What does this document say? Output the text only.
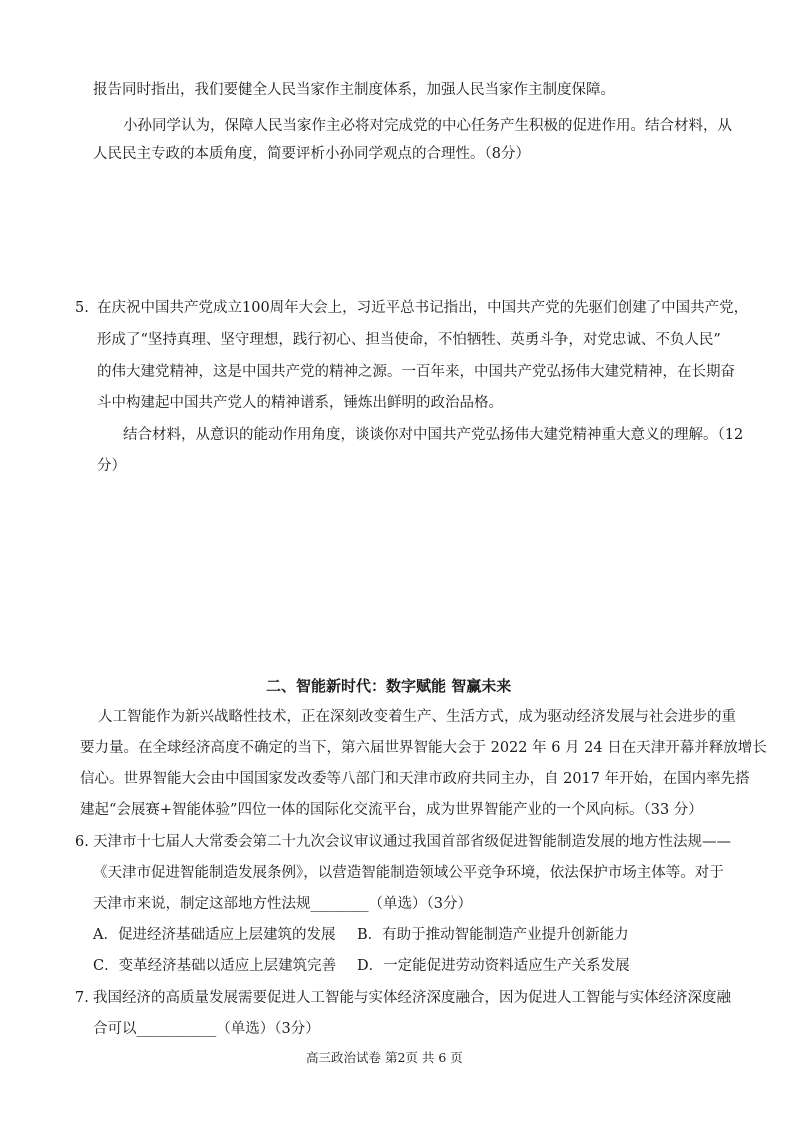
报告同时指出，我们要健全人民当家作主制度体系，加强人民当家作主制度保障。
小孙同学认为，保障人民当家作主必将对完成党的中心任务产生积极的促进作用。结合材料，从
人民民主专政的本质角度，简要评析小孙同学观点的合理性。（8分）
5. 在庆祝中国共产党成立100周年大会上，习近平总书记指出，中国共产党的先驱们创建了中国共产党，
形成了“坚持真理、坚守理想，践行初心、担当使命，不怕牺牲、英勇斗争，对党忠诚、不负人民”
的伟大建党精神，这是中国共产党的精神之源。一百年来，中国共产党弘扬伟大建党精神，在长期奋
斗中构建起中国共产党人的精神谱系，锤炼出鲜明的政治品格。
结合材料，从意识的能动作用角度，谈谈你对中国共产党弘扬伟大建党精神重大意义的理解。（12
分）
二、智能新时代：数字赋能 智赢未来
人工智能作为新兴战略性技术，正在深刻改变着生产、生活方式，成为驱动经济发展与社会进步的重
要力量。在全球经济高度不确定的当下，第六届世界智能大会于 2022 年 6 月 24 日在天津开幕并释放增长
信心。世界智能大会由中国国家发改委等八部门和天津市政府共同主办，自 2017 年开始，在国内率先搭
建起“会展赛+智能体验”四位一体的国际化交流平台，成为世界智能产业的一个风向标。（33 分）
6. 天津市十七届人大常委会第二十九次会议审议通过我国首部省级促进智能制造发展的地方性法规——
《天津市促进智能制造发展条例》，以营造智能制造领域公平竞争环境，依法保护市场主体等。对于
天津市来说，制定这部地方性法规________（单选）（3分）
A．促进经济基础适应上层建筑的发展 B．有助于推动智能制造产业提升创新能力
C．变革经济基础以适应上层建筑完善 D．一定能促进劳动资料适应生产关系发展
7. 我国经济的高质量发展需要促进人工智能与实体经济深度融合，因为促进人工智能与实体经济深度融
合可以___________（单选）（3分）
高三政治试卷 第2页 共 6 页
